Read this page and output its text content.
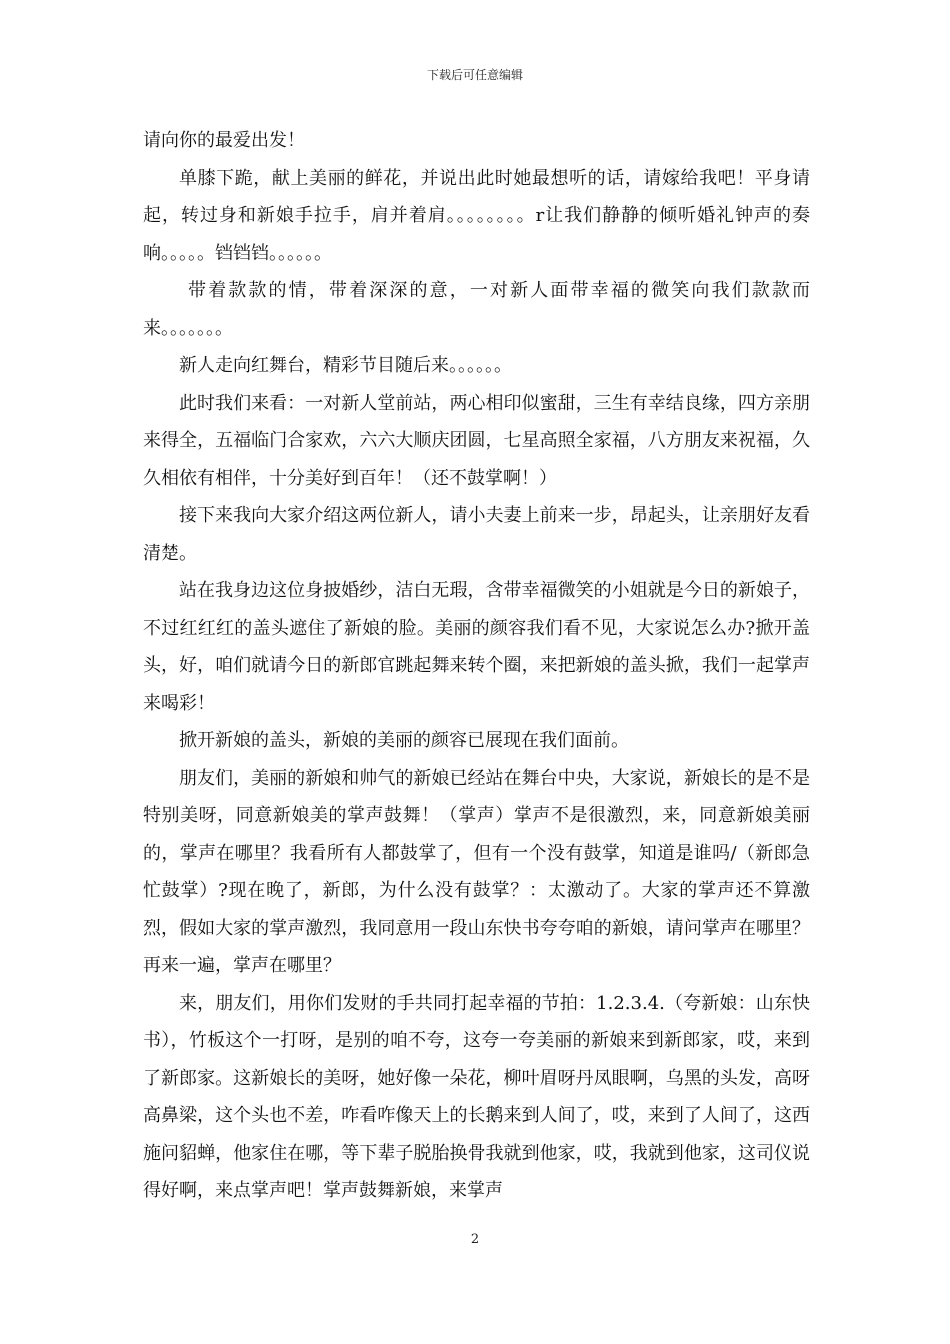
下载后可任意编辑

请向你的最爱出发！

单膝下跪，献上美丽的鲜花，并说出此时她最想听的话，请嫁给我吧！平身请起，转过身和新娘手拉手，肩并着肩。。。。。。。。r让我们静静的倾听婚礼钟声的奏响。。。。。铛铛铛。。。。。。

带着款款的情，带着深深的意，一对新人面带幸福的微笑向我们款款而来。。。。。。。

新人走向红舞台，精彩节目随后来。。。。。。

此时我们来看：一对新人堂前站，两心相印似蜜甜，三生有幸结良缘，四方亲朋来得全，五福临门合家欢，六六大顺庆团圆，七星高照全家福，八方朋友来祝福，久久相依有相伴，十分美好到百年！（还不鼓掌啊！）

接下来我向大家介绍这两位新人，请小夫妻上前来一步，昂起头，让亲朋好友看清楚。

站在我身边这位身披婚纱，洁白无瑕，含带幸福微笑的小姐就是今日的新娘子，不过红红红的盖头遮住了新娘的脸。美丽的颜容我们看不见，大家说怎么办?掀开盖头，好，咱们就请今日的新郎官跳起舞来转个圈，来把新娘的盖头掀，我们一起掌声来喝彩！

掀开新娘的盖头，新娘的美丽的颜容已展现在我们面前。

朋友们，美丽的新娘和帅气的新娘已经站在舞台中央，大家说，新娘长的是不是特别美呀，同意新娘美的掌声鼓舞！（掌声）掌声不是很激烈，来，同意新娘美丽的，掌声在哪里？我看所有人都鼓掌了，但有一个没有鼓掌，知道是谁吗/（新郎急忙鼓掌）?现在晚了，新郎，为什么没有鼓掌？：太激动了。大家的掌声还不算激烈，假如大家的掌声激烈，我同意用一段山东快书夸夸咱的新娘，请问掌声在哪里？再来一遍，掌声在哪里？

来，朋友们，用你们发财的手共同打起幸福的节拍：1.2.3.4.（夸新娘：山东快书），竹板这个一打呀，是别的咱不夸，这夸一夸美丽的新娘来到新郎家，哎，来到了新郎家。这新娘长的美呀，她好像一朵花，柳叶眉呀丹凤眼啊，乌黑的头发，高呀高鼻梁，这个头也不差，咋看咋像天上的长鹅来到人间了，哎，来到了人间了，这西施问貂蝉，他家住在哪，等下辈子脱胎换骨我就到他家，哎，我就到他家，这司仪说得好啊，来点掌声吧！掌声鼓舞新娘，来掌声

2
